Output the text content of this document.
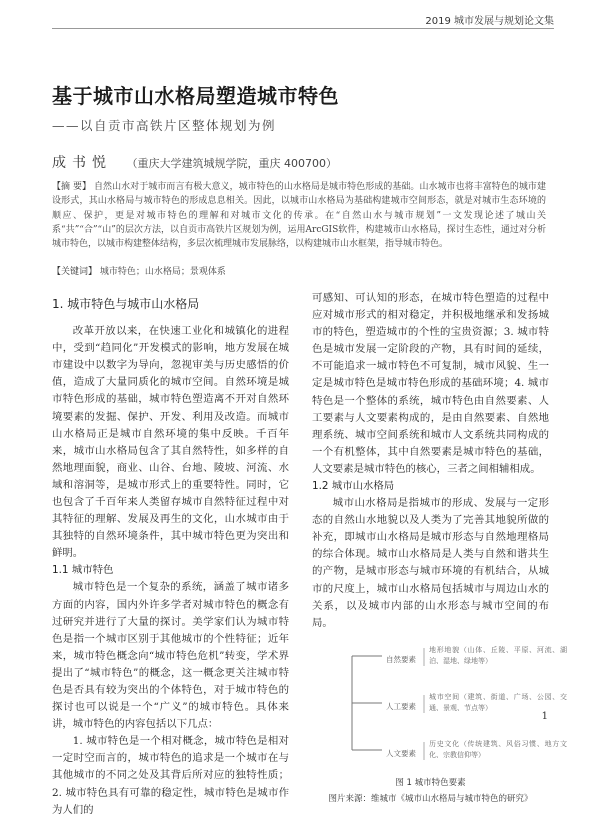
2019 城市发展与规划论文集
基于城市山水格局塑造城市特色
——以自贡市高铁片区整体规划为例
成书悦 （重庆大学建筑城规学院，重庆 400700）
【摘 要】 自然山水对于城市而言有极大意义，城市特色的山水格局是城市特色形成的基础。山水城市也将丰富特色的城市建设形式，其山水格局与城市特色的形成息息相关。因此，以城市山水格局为基础构建城市空间形态，就是对城市生态环境的顺应、保护，更是对城市特色的理解和对城市文化的传承。在“自然山水与城市规划”一文发现论述了城山关系“共”“合”“山”的层次方法，以自贡市高铁片区规划为例，运用ArcGIS软件，构建城市山水格局，探讨生态性，通过对分析城市特色，以城市构建整体结构，多层次梳理城市发展脉络，以构建城市山水框架，指导城市特色。
【关键词】 城市特色；山水格局；景观体系
1. 城市特色与城市山水格局

改革开放以来，在快速工业化和城镇化的进程中，受到“趋同化”开发模式的影响，地方发展在城市建设中以数字为导向，忽视审美与历史感悟的价值，造成了大量同质化的城市空间。自然环境是城市特色形成的基础，城市特色塑造离不开对自然环境要素的发掘、保护、开发、利用及改造。而城市山水格局正是城市自然环境的集中反映。千百年来，城市山水格局包含了其自然特性，如多样的自然地理面貌，商业、山谷、台地、陵坡、河流、水域和溶洞等，是城市形式上的重要特性。同时，它也包含了千百年来人类留存城市自然特征过程中对其特征的理解、发展及再生的文化，山水城市由于其独特的自然环境条件，其中城市特色更为突出和鲜明。

1.1 城市特色

城市特色是一个复杂的系统，涵盖了城市诸多方面的内容，国内外许多学者对城市特色的概念有过研究并进行了大量的探讨。美学家们认为城市特色是指一个城市区别于其他城市的个性特征；近年来，城市特色概念向“城市特色危机”转变，学术界提出了“城市特色”的概念，这一概念更关注城市特色是否具有较为突出的个体特色，对于城市特色的探讨也可以说是一个“广义”的城市特色。具体来讲，城市特色的内容包括以下几点：

1. 城市特色是一个相对概念，城市特色是相对一定时空而言的，城市特色的追求是一个城市在与其他城市的不同之处及其背后所对应的独特性质；2. 城市特色具有可靠的稳定性，城市特色是城市作为人们的

可感知、可认知的形态，在城市特色塑造的过程中应对城市形式的相对稳定，并积极地继承和发扬城市的特色，塑造城市的个性的宝贵资源；3. 城市特色是城市发展一定阶段的产物，具有时间的延续，不可能追求一城市特色不可复制，城市风貌、生一定是城市特色是城市特色形成的基础环境；4. 城市特色是一个整体的系统，城市特色由自然要素、人工要素与人文要素构成的，是由自然要素、自然地理系统、城市空间系统和城市人文系统共同构成的一个有机整体，其中自然要素是城市特色的基础，人文要素是城市特色的核心，三者之间相辅相成。

1.2 城市山水格局

城市山水格局是指城市的形成、发展与一定形态的自然山水地貌以及人类为了完善其地貌所做的补充，即城市山水格局是城市形态与自然地理格局的综合体现。城市山水格局是人类与自然和谐共生的产物，是城市形态与城市环境的有机结合，从城市的尺度上，城市山水格局包括城市与周边山水的关系，以及城市内部的山水形态与城市空间的布局。

自然要素
地形地貌（山体、丘陵、平原、河流、湖泊、湿地、绿地等）
人工要素
城市空间（建筑、街道、广场、公园、交通、景观、节点等）
人文要素
历史文化（传统建筑、风俗习惯、地方文化、宗教信仰等）
图 1 城市特色要素
图片来源：维城市《城市山水格局与城市特色的研究》
1
